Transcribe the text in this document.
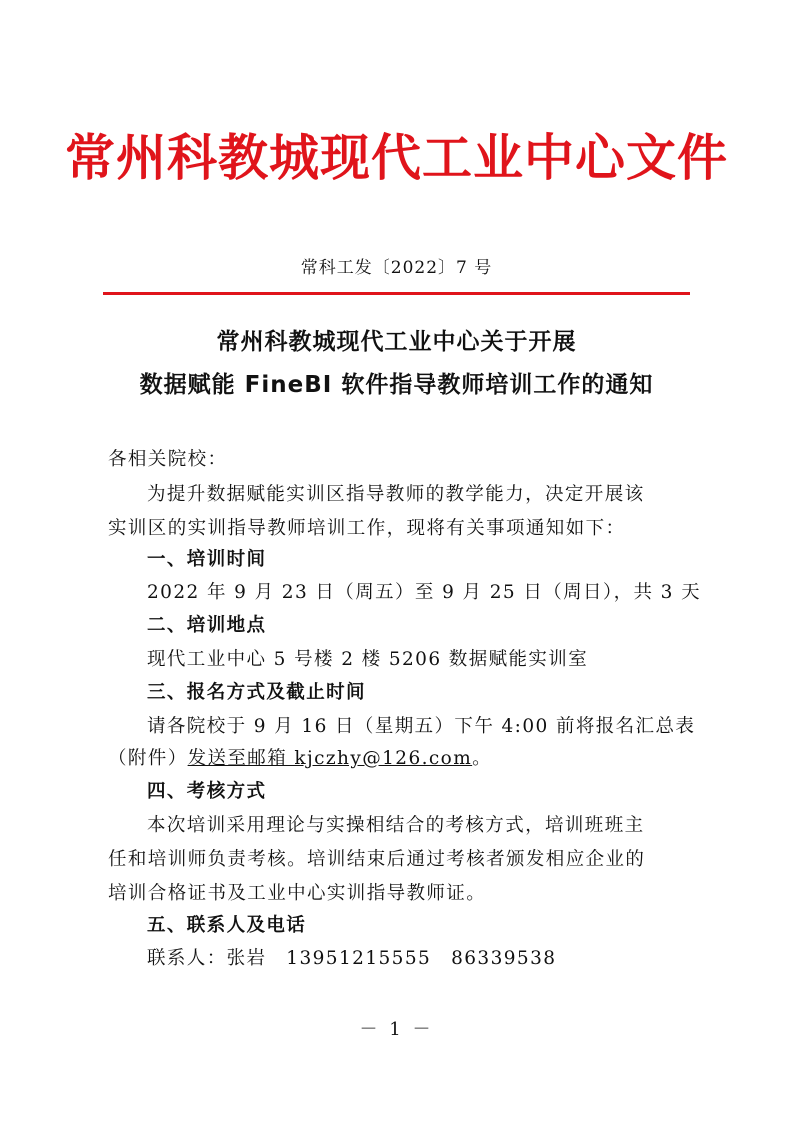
常州科教城现代工业中心文件
常科工发〔2022〕7 号
常州科教城现代工业中心关于开展
数据赋能 FineBI 软件指导教师培训工作的通知
各相关院校：
为提升数据赋能实训区指导教师的教学能力，决定开展该
实训区的实训指导教师培训工作，现将有关事项通知如下：
一、培训时间
2022 年 9 月 23 日（周五）至 9 月 25 日（周日），共 3 天
二、培训地点
现代工业中心 5 号楼 2 楼 5206 数据赋能实训室
三、报名方式及截止时间
请各院校于 9 月 16 日（星期五）下午 4:00 前将报名汇总表
（附件）发送至邮箱 kjczhy@126.com。
四、考核方式
本次培训采用理论与实操相结合的考核方式，培训班班主
任和培训师负责考核。培训结束后通过考核者颁发相应企业的
培训合格证书及工业中心实训指导教师证。
五、联系人及电话
联系人：张岩　13951215555　86339538
－ 1 －
